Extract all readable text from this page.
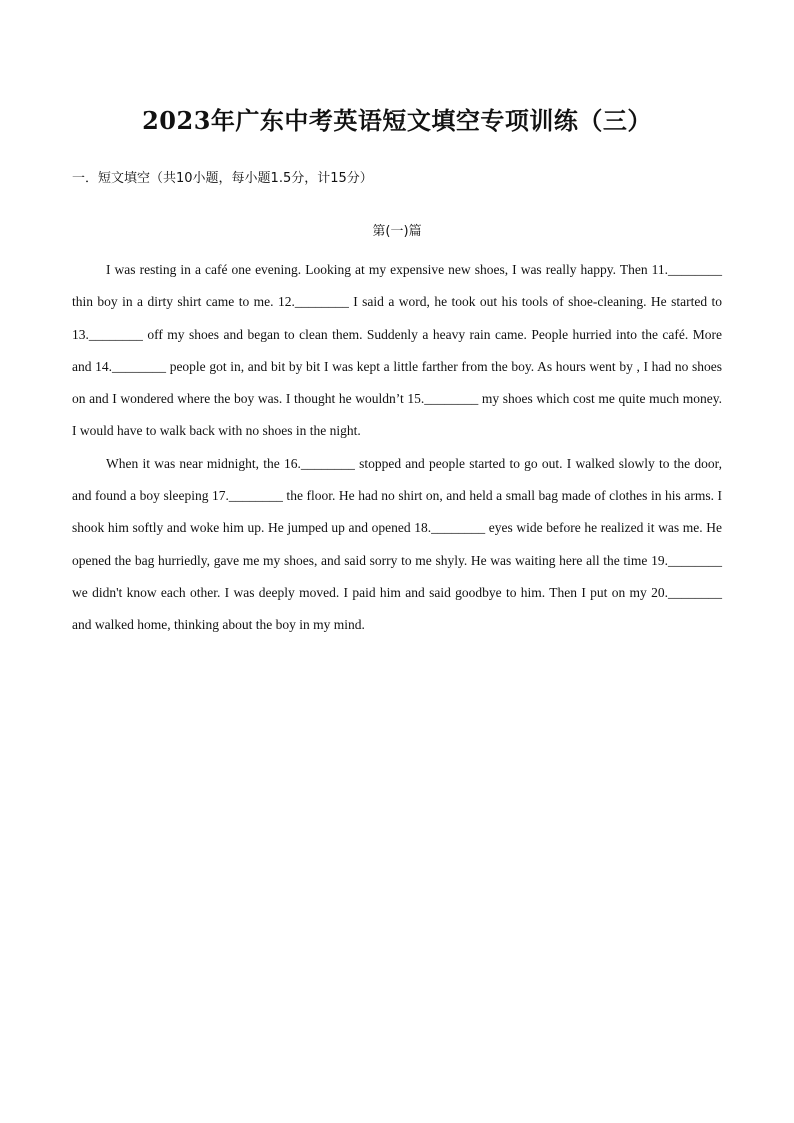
2023年广东中考英语短文填空专项训练（三）
一．短文填空（共10小题，每小题1.5分，计15分）
第(一)篇

I was resting in a café one evening. Looking at my expensive new shoes, I was really happy. Then 11.________ thin boy in a dirty shirt came to me. 12.________ I said a word, he took out his tools of shoe-cleaning. He started to 13.________ off my shoes and began to clean them. Suddenly a heavy rain came. People hurried into the café. More and 14.________ people got in, and bit by bit I was kept a little farther from the boy. As hours went by , I had no shoes on and I wondered where the boy was. I thought he wouldn’t 15.________ my shoes which cost me quite much money. I would have to walk back with no shoes in the night.

When it was near midnight, the 16.________ stopped and people started to go out. I walked slowly to the door, and found a boy sleeping 17.________ the floor. He had no shirt on, and held a small bag made of clothes in his arms. I shook him softly and woke him up. He jumped up and opened 18.________ eyes wide before he realized it was me. He opened the bag hurriedly, gave me my shoes, and said sorry to me shyly. He was waiting here all the time 19.________ we didn't know each other. I was deeply moved. I paid him and said goodbye to him. Then I put on my 20.________ and walked home, thinking about the boy in my mind.
